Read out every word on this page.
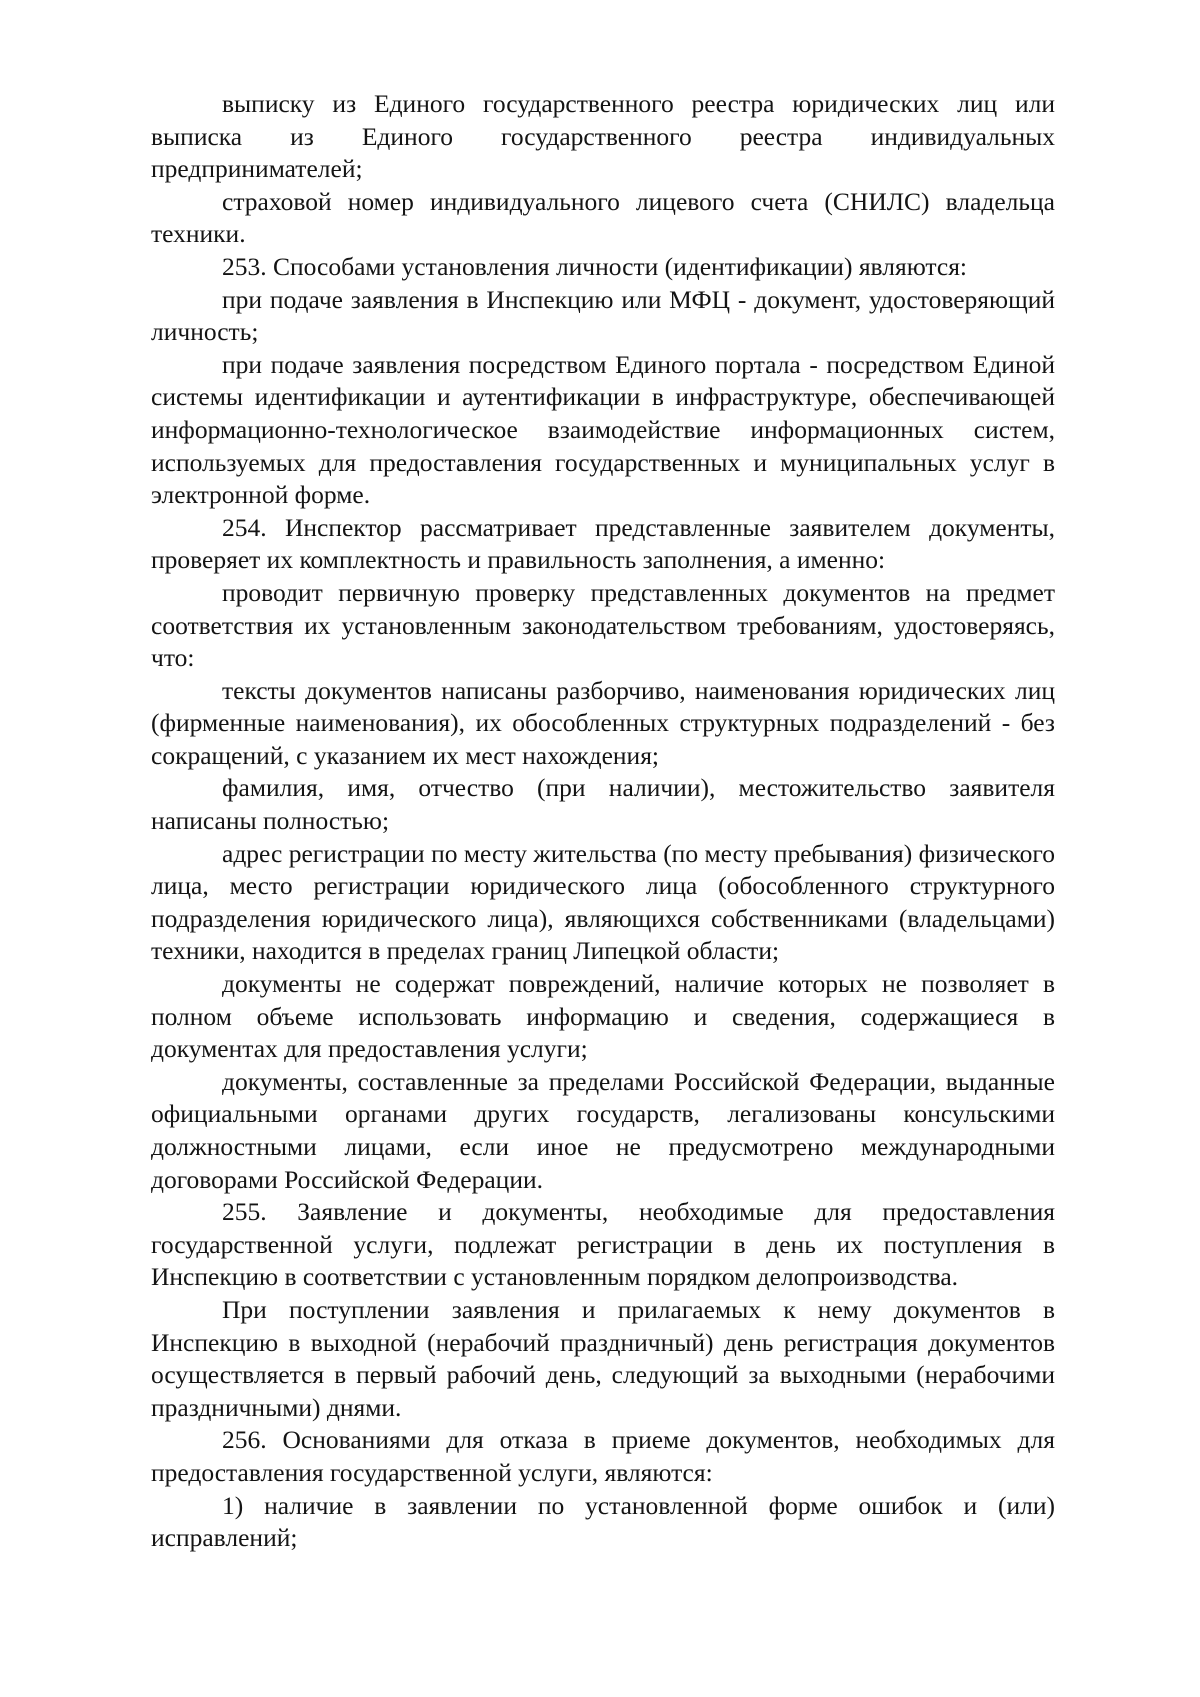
выписку из Единого государственного реестра юридических лиц или выписка из Единого государственного реестра индивидуальных предпринимателей;

страховой номер индивидуального лицевого счета (СНИЛС) владельца техники.

253. Способами установления личности (идентификации) являются:

при подаче заявления в Инспекцию или МФЦ - документ, удостоверяющий личность;

при подаче заявления посредством Единого портала - посредством Единой системы идентификации и аутентификации в инфраструктуре, обеспечивающей информационно-технологическое взаимодействие информационных систем, используемых для предоставления государственных и муниципальных услуг в электронной форме.

254. Инспектор рассматривает представленные заявителем документы, проверяет их комплектность и правильность заполнения, а именно:

проводит первичную проверку представленных документов на предмет соответствия их установленным законодательством требованиям, удостоверяясь, что:

тексты документов написаны разборчиво, наименования юридических лиц (фирменные наименования), их обособленных структурных подразделений - без сокращений, с указанием их мест нахождения;

фамилия, имя, отчество (при наличии), местожительство заявителя написаны полностью;

адрес регистрации по месту жительства (по месту пребывания) физического лица, место регистрации юридического лица (обособленного структурного подразделения юридического лица), являющихся собственниками (владельцами) техники, находится в пределах границ Липецкой области;

документы не содержат повреждений, наличие которых не позволяет в полном объеме использовать информацию и сведения, содержащиеся в документах для предоставления услуги;

документы, составленные за пределами Российской Федерации, выданные официальными органами других государств, легализованы консульскими должностными лицами, если иное не предусмотрено международными договорами Российской Федерации.

255. Заявление и документы, необходимые для предоставления государственной услуги, подлежат регистрации в день их поступления в Инспекцию в соответствии с установленным порядком делопроизводства.

При поступлении заявления и прилагаемых к нему документов в Инспекцию в выходной (нерабочий праздничный) день регистрация документов осуществляется в первый рабочий день, следующий за выходными (нерабочими праздничными) днями.

256. Основаниями для отказа в приеме документов, необходимых для предоставления государственной услуги, являются:

1) наличие в заявлении по установленной форме ошибок и (или) исправлений;
